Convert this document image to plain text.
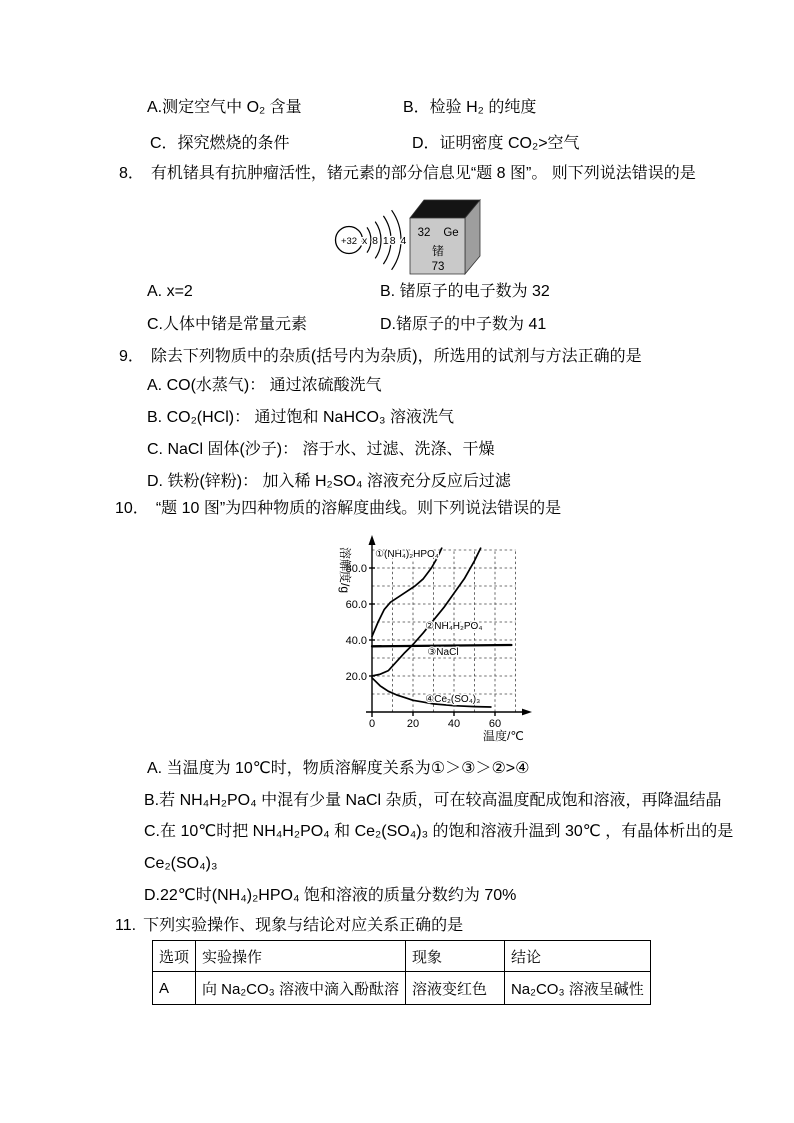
A.测定空气中 O₂ 含量	B．检验 H₂ 的纯度
C．探究燃烧的条件	D．证明密度 CO₂>空气
8． 有机锗具有抗肿瘤活性，锗元素的部分信息见“题 8 图”。 则下列说法错误的是
+32 x 8 18 4
32 Ge
锗
73
A. x=2	B. 锗原子的电子数为 32
C.人体中锗是常量元素	D.锗原子的中子数为 41
9． 除去下列物质中的杂质(括号内为杂质)，所选用的试剂与方法正确的是
A. CO(水蒸气)： 通过浓硫酸洗气
B. CO₂(HCl)： 通过饱和 NaHCO₃ 溶液洗气
C. NaCl 固体(沙子)： 溶于水、过滤、洗涤、干燥
D. 铁粉(锌粉)： 加入稀 H₂SO₄ 溶液充分反应后过滤
10． “题 10 图”为四种物质的溶解度曲线。则下列说法错误的是
20.0
40.0
60.0
80.0
0	20	40	60
溶解度/g
温度/℃
①(NH₄)₂HPO₄
②NH₄H₂PO₄
③NaCl
④Ce₂(SO₄)₃
A. 当温度为 10℃时，物质溶解度关系为①＞③＞②>④
B.若 NH₄H₂PO₄ 中混有少量 NaCl 杂质，可在较高温度配成饱和溶液，再降温结晶
C.在 10℃时把 NH₄H₂PO₄ 和 Ce₂(SO₄)₃ 的饱和溶液升温到 30℃ ，有晶体析出的是
Ce₂(SO₄)₃
D.22℃时(NH₄)₂HPO₄ 饱和溶液的质量分数约为 70%
11. 下列实验操作、现象与结论对应关系正确的是
选项	实验操作	现象	结论
A	向 Na₂CO₃ 溶液中滴入酚酞溶	溶液变红色	Na₂CO₃ 溶液呈碱性
